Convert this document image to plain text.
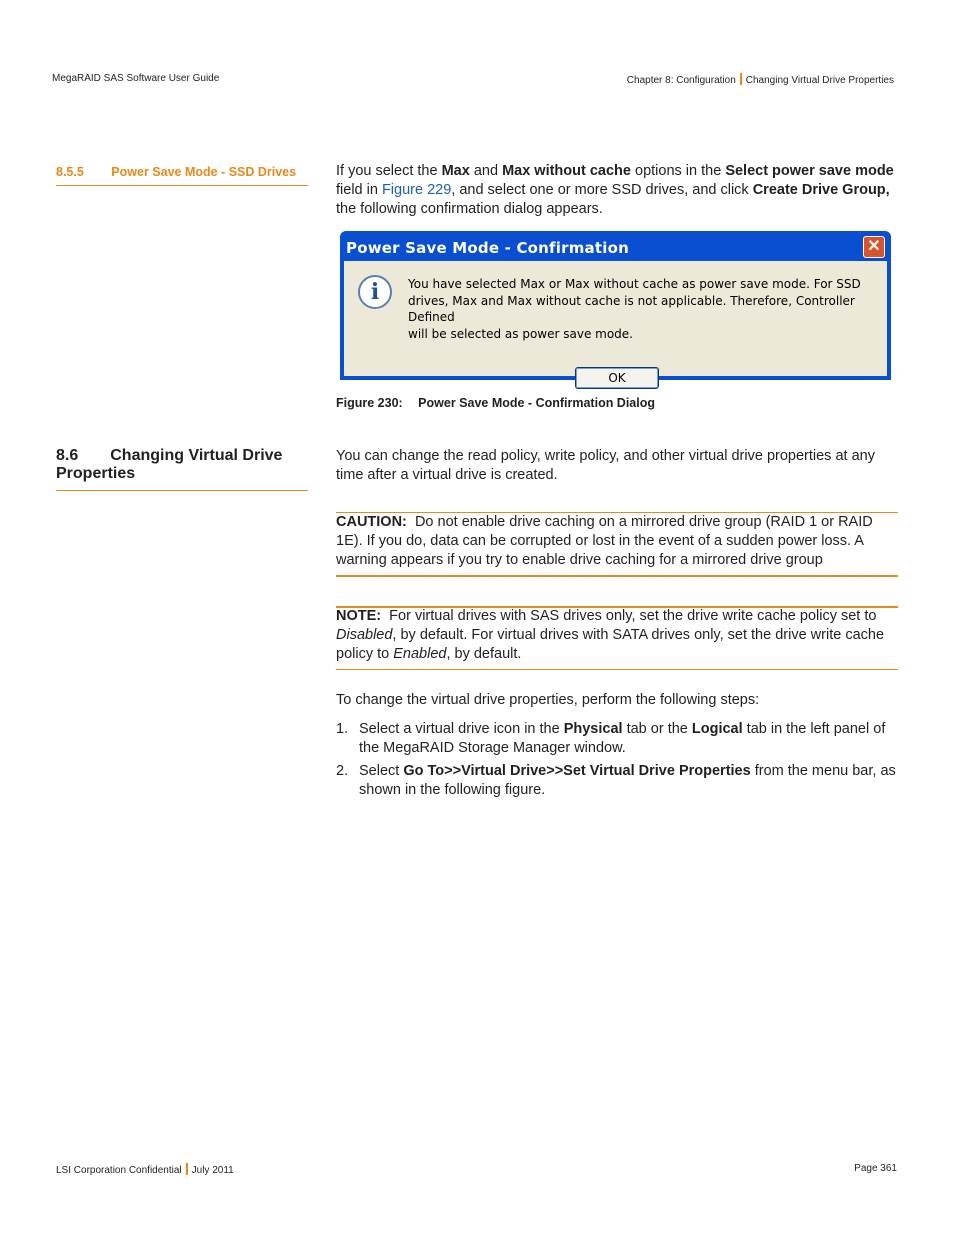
MegaRAID SAS Software User Guide	Chapter 8: Configuration Changing Virtual Drive Properties
8.5.5 Power Save Mode - SSD Drives	If you select the Max and Max without cache options in the Select power save mode field in Figure 229, and select one or more SSD drives, and click Create Drive Group, the following confirmation dialog appears.
Power Save Mode - Confirmation	✕
i	You have selected Max or Max without cache as power save mode. For SSD
drives, Max and Max without cache is not applicable. Therefore, Controller Defined
will be selected as power save mode.
OK
Figure 230: Power Save Mode - Confirmation Dialog
8.6 Changing Virtual Drive
Properties
You can change the read policy, write policy, and other virtual drive properties at any time after a virtual drive is created.
CAUTION: Do not enable drive caching on a mirrored drive group (RAID 1 or RAID 1E). If you do, data can be corrupted or lost in the event of a sudden power loss. A warning appears if you try to enable drive caching for a mirrored drive group
NOTE: For virtual drives with SAS drives only, set the drive write cache policy set to Disabled, by default. For virtual drives with SATA drives only, set the drive write cache policy to Enabled, by default.
To change the virtual drive properties, perform the following steps:
1. Select a virtual drive icon in the Physical tab or the Logical tab in the left panel of the MegaRAID Storage Manager window.
2. Select Go To>>Virtual Drive>>Set Virtual Drive Properties from the menu bar, as shown in the following figure.
LSI Corporation Confidential July 2011	Page 361
